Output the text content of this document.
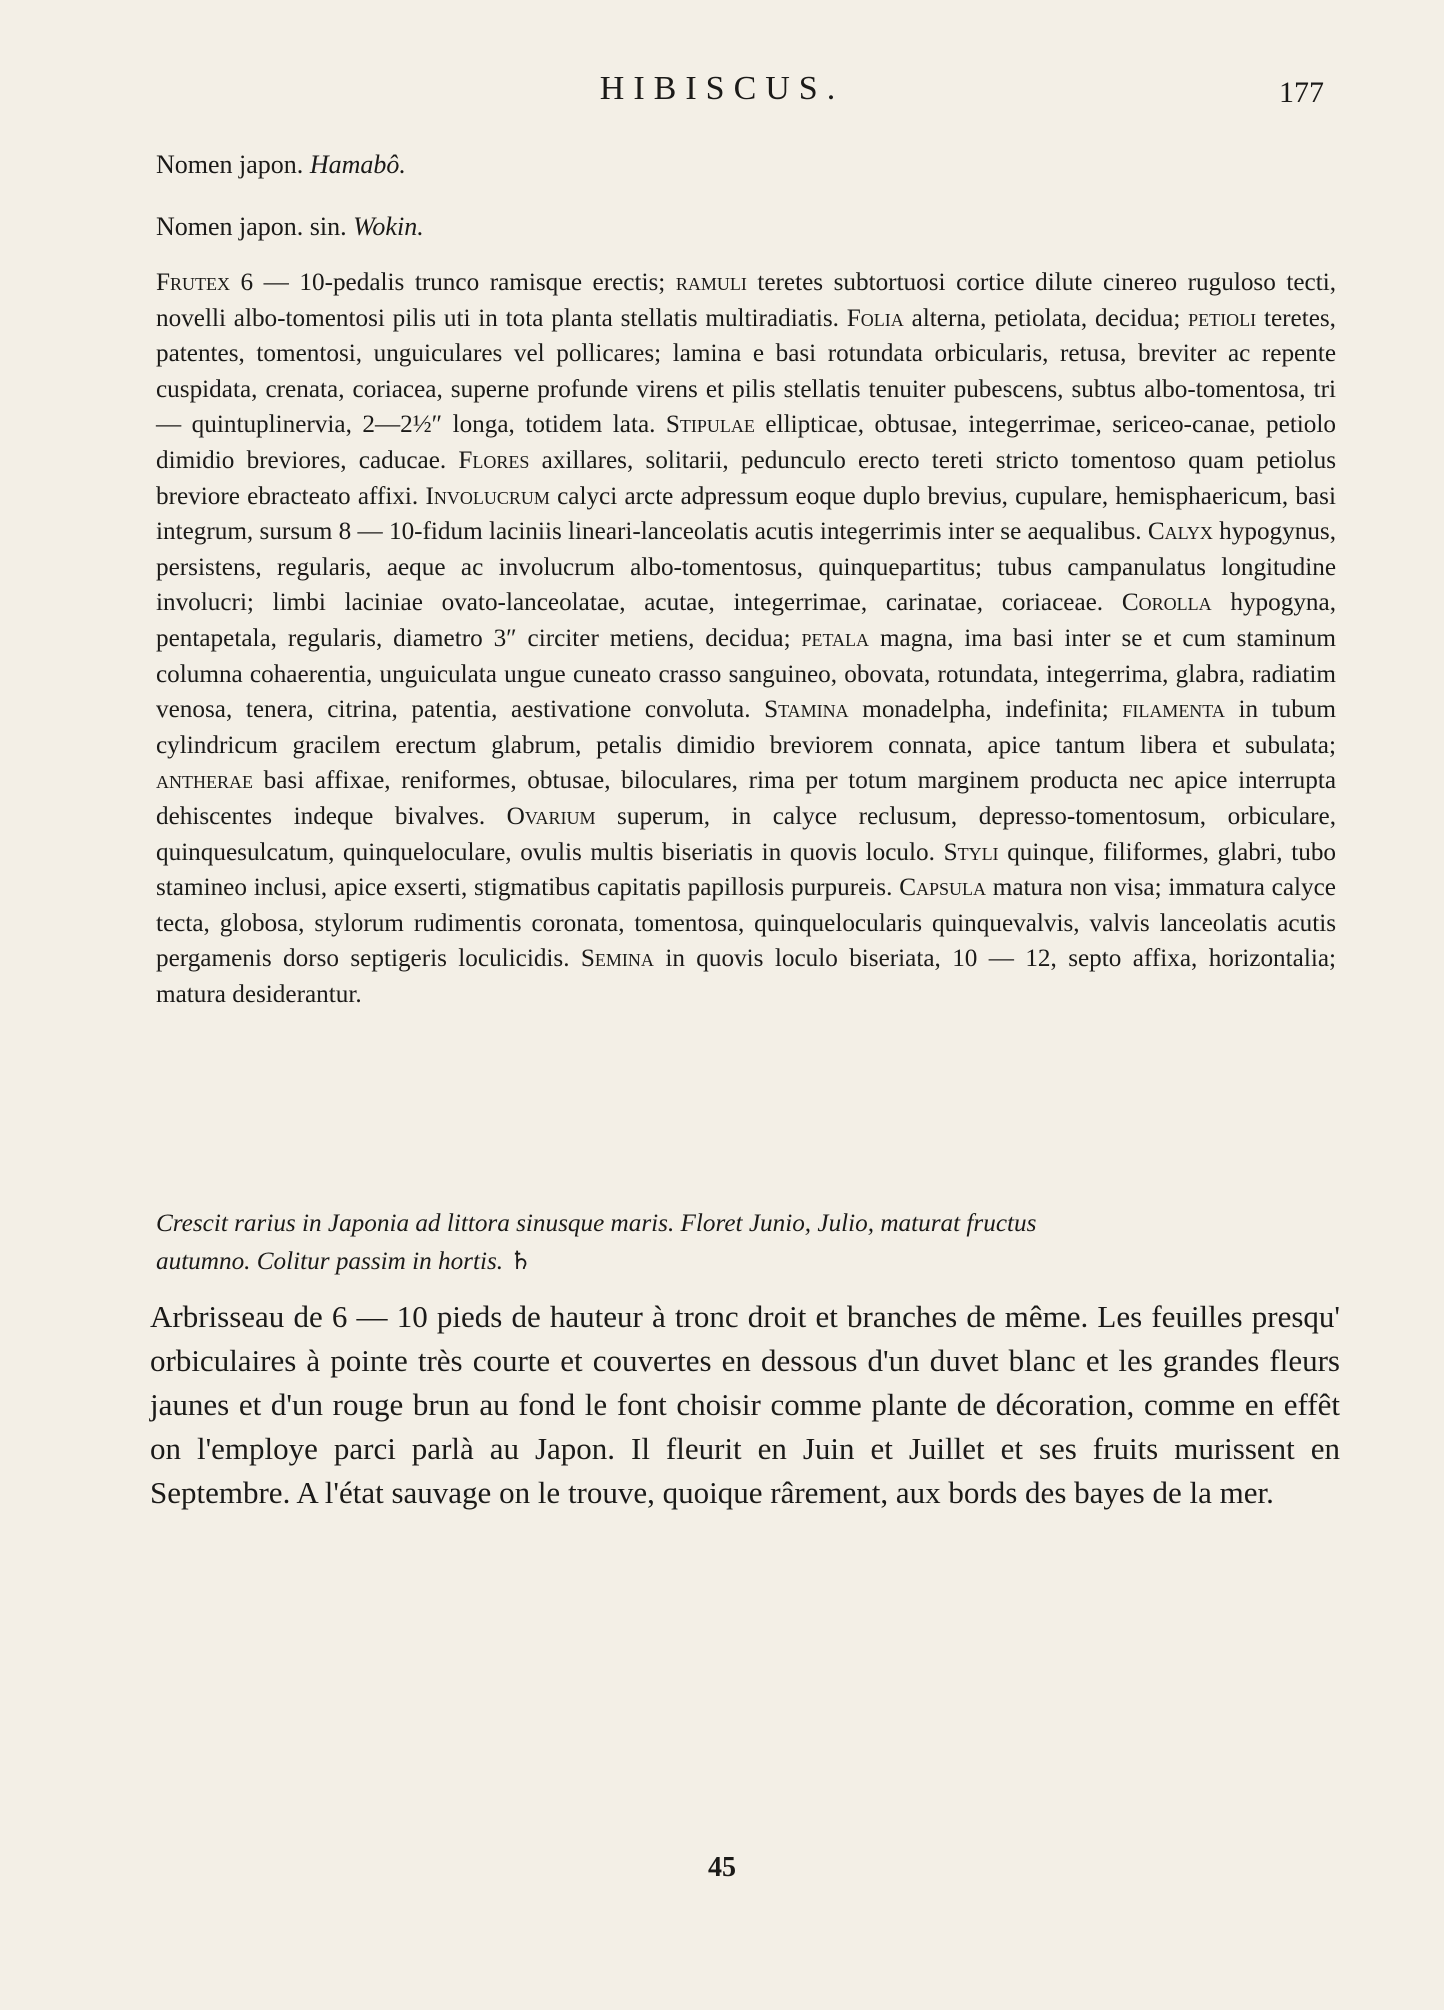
HIBISCUS.	177

Nomen japon. Hamabô.

Nomen japon. sin. Wokin.

Frutex 6 — 10-pedalis trunco ramisque erectis; ramuli teretes subtortuosi cortice dilute cinereo ruguloso tecti, novelli albo-tomentosi pilis uti in tota planta stellatis multiradiatis. Folia alterna, petiolata, decidua; petioli teretes, patentes, tomentosi, unguiculares vel pollicares; lamina e basi rotundata orbicularis, retusa, breviter ac repente cuspidata, crenata, coriacea, superne profunde virens et pilis stellatis tenuiter pubescens, subtus albo-tomentosa, tri — quintuplinervia, 2—2½″ longa, totidem lata. Stipulae ellipticae, obtusae, integerrimae, sericeo-canae, petiolo dimidio breviores, caducae. Flores axillares, solitarii, pedunculo erecto tereti stricto tomentoso quam petiolus breviore ebracteato affixi. Involucrum calyci arcte adpressum eoque duplo brevius, cupulare, hemisphaericum, basi integrum, sursum 8 — 10-fidum laciniis lineari-lanceolatis acutis integerrimis inter se aequalibus. Calyx hypogynus, persistens, regularis, aeque ac involucrum albo-tomentosus, quinquepartitus; tubus campanulatus longitudine involucri; limbi laciniae ovato-lanceolatae, acutae, integerrimae, carinatae, coriaceae. Corolla hypogyna, pentapetala, regularis, diametro 3″ circiter metiens, decidua; petala magna, ima basi inter se et cum staminum columna cohaerentia, unguiculata ungue cuneato crasso sanguineo, obovata, rotundata, integerrima, glabra, radiatim venosa, tenera, citrina, patentia, aestivatione convoluta. Stamina monadelpha, indefinita; filamenta in tubum cylindricum gracilem erectum glabrum, petalis dimidio breviorem connata, apice tantum libera et subulata; antherae basi affixae, reniformes, obtusae, biloculares, rima per totum marginem producta nec apice interrupta dehiscentes indeque bivalves. Ovarium superum, in calyce reclusum, depresso-tomentosum, orbiculare, quinquesulcatum, quinqueloculare, ovulis multis biseriatis in quovis loculo. Styli quinque, filiformes, glabri, tubo stamineo inclusi, apice exserti, stigmatibus capitatis papillosis purpureis. Capsula matura non visa; immatura calyce tecta, globosa, stylorum rudimentis coronata, tomentosa, quinquelocularis quinquevalvis, valvis lanceolatis acutis pergamenis dorso septigeris loculicidis. Semina in quovis loculo biseriata, 10 — 12, septo affixa, horizontalia; matura desiderantur.

Crescit rarius in Japonia ad littora sinusque maris. Floret Junio, Julio, maturat fructus
autumno. Colitur passim in hortis. ♄

Arbrisseau de 6 — 10 pieds de hauteur à tronc droit et branches de même. Les feuilles presqu' orbiculaires à pointe très courte et couvertes en dessous d'un duvet blanc et les grandes fleurs jaunes et d'un rouge brun au fond le font choisir comme plante de décoration, comme en effêt on l'employe parci parlà au Japon. Il fleurit en Juin et Juillet et ses fruits murissent en Septembre. A l'état sauvage on le trouve, quoique rârement, aux bords des bayes de la mer.

45
